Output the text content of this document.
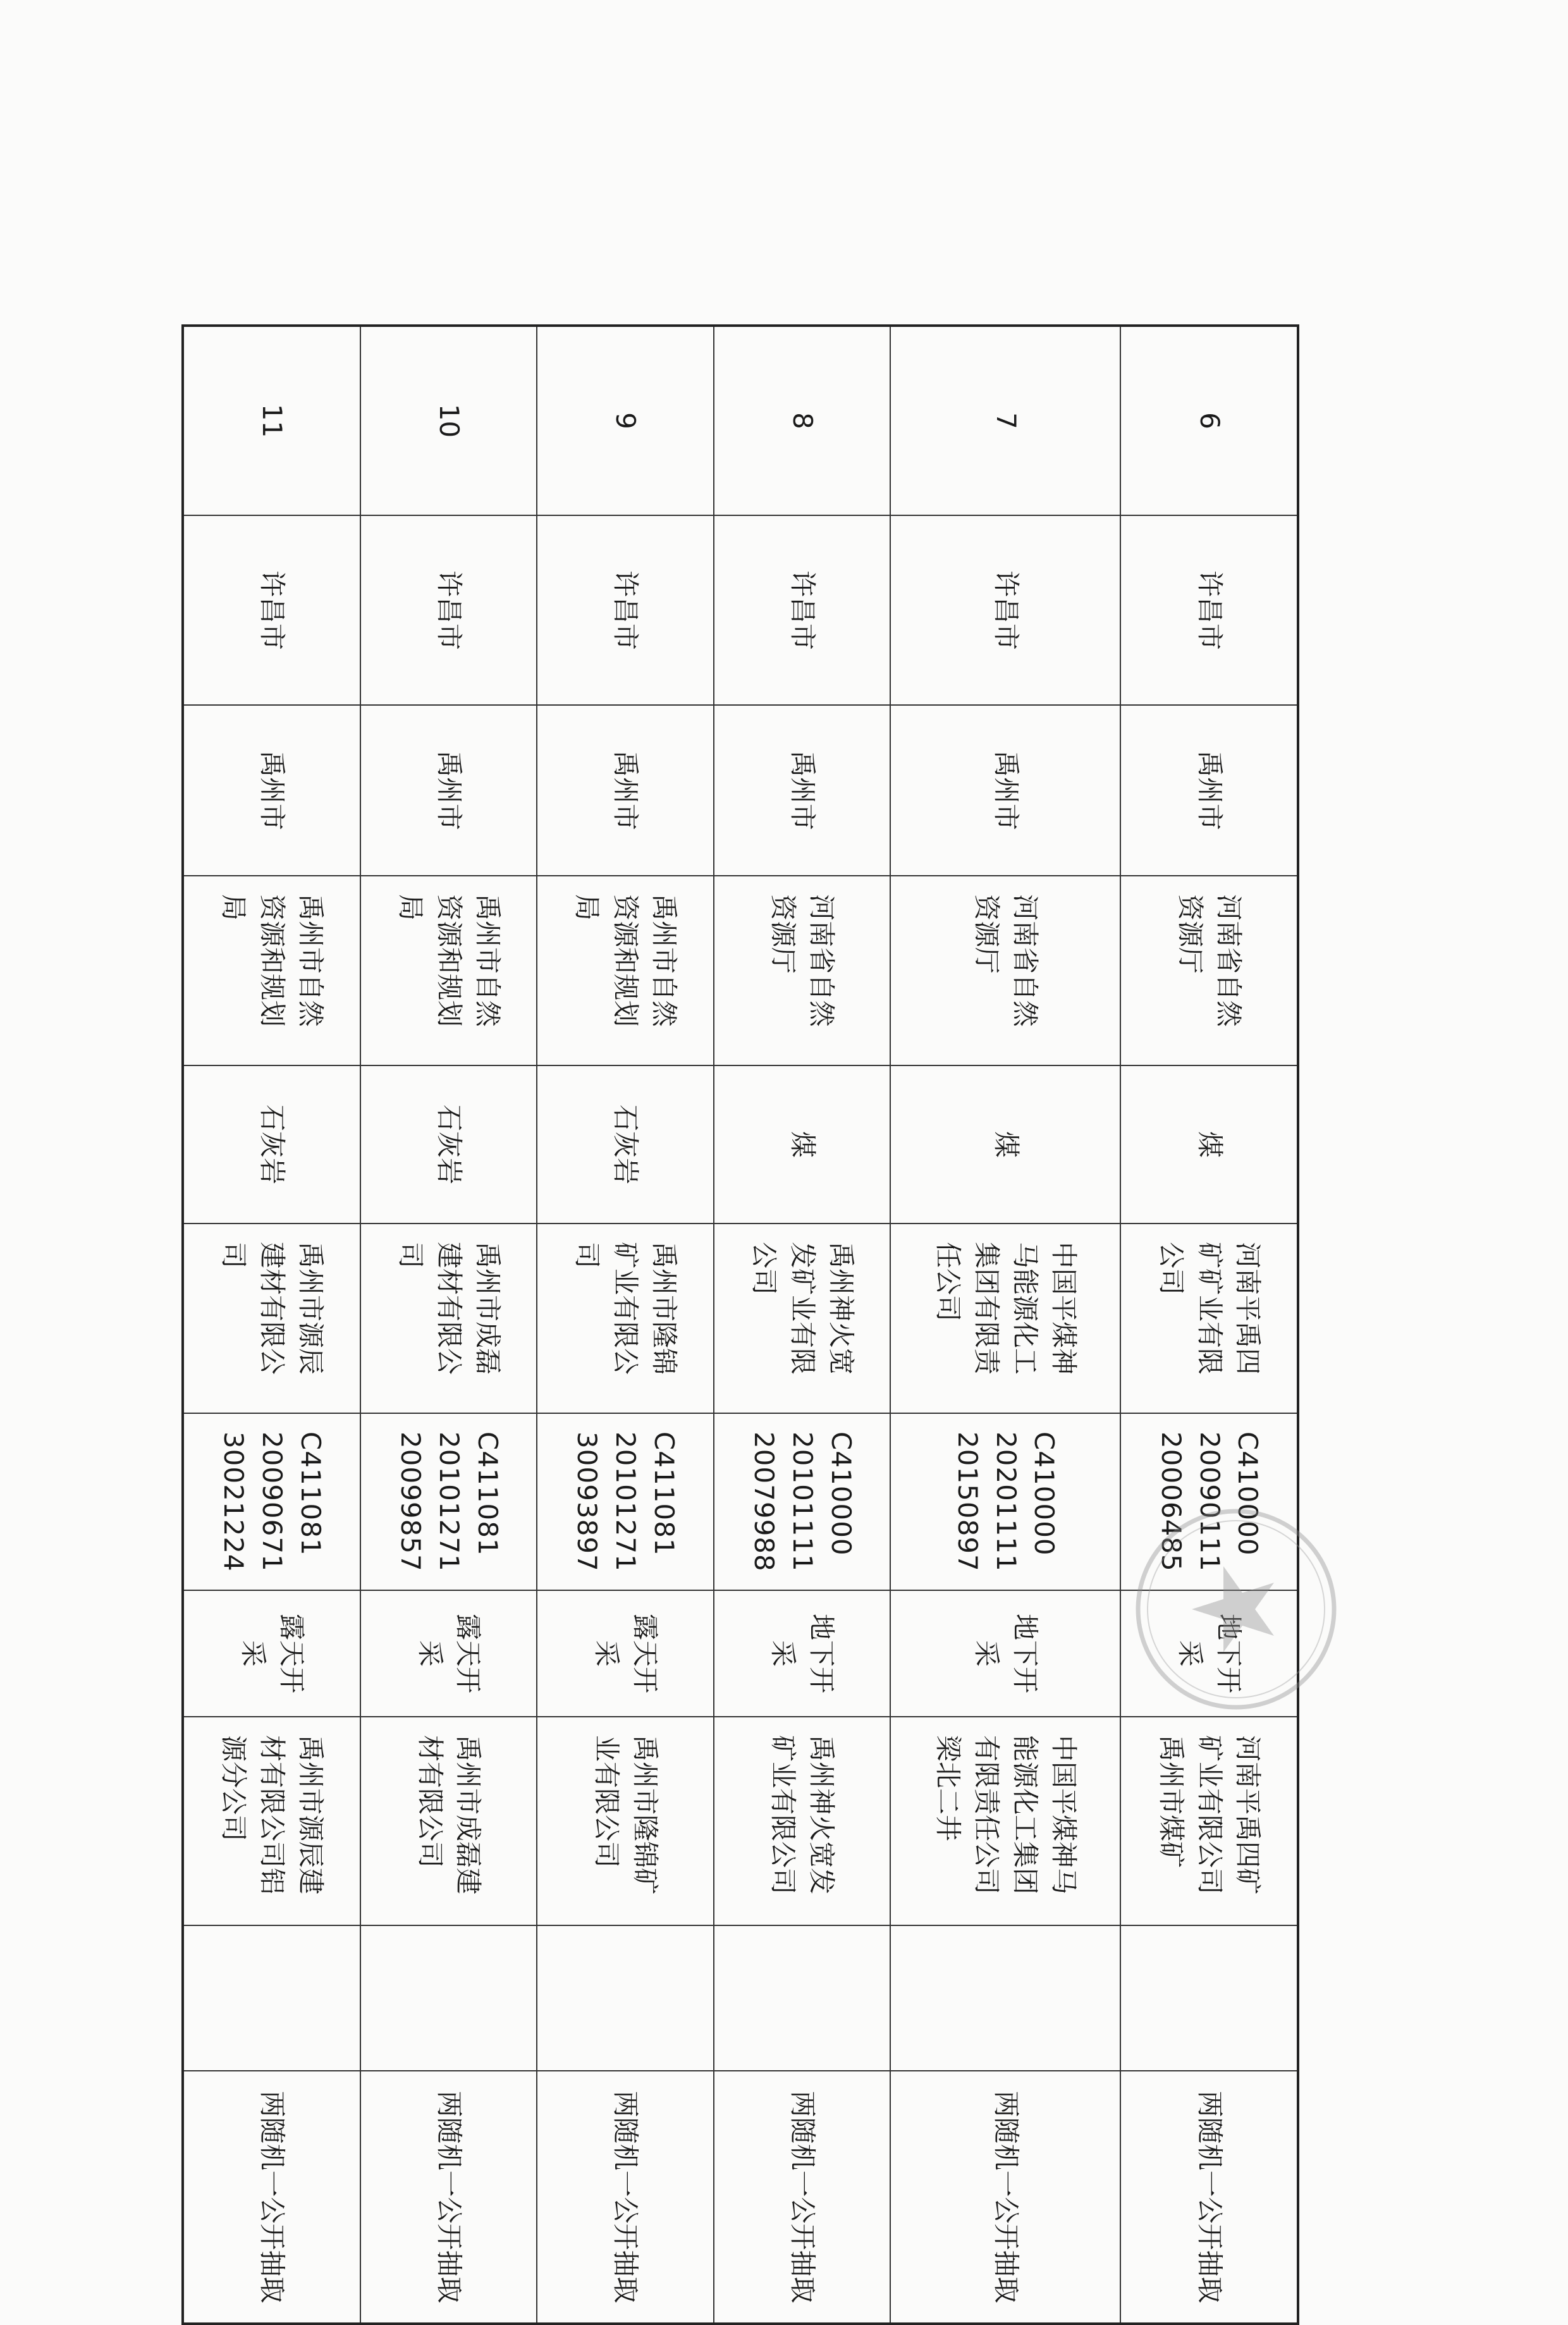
6	许昌市	禹州市	河南省自然资源厅	煤	河南平禹四矿矿业有限公司	C4100002009011120006485	地下开采	河南平禹四矿矿业有限公司禹州市煤矿		两随机一公开抽取
7	许昌市	禹州市	河南省自然资源厅	煤	中国平煤神马能源化工集团有限责任公司	C4100002020111120150897	地下开采	中国平煤神马能源化工集团有限责任公司梁北二井		两随机一公开抽取
8	许昌市	禹州市	河南省自然资源厅	煤	禹州神火宽发矿业有限公司	C4100002010111120079988	地下开采	禹州神火宽发矿业有限公司		两随机一公开抽取
9	许昌市	禹州市	禹州市自然资源和规划局	石灰岩	禹州市隆锦矿业有限公司	C4110812010127130093897	露天开采	禹州市隆锦矿业有限公司		两随机一公开抽取
10	许昌市	禹州市	禹州市自然资源和规划局	石灰岩	禹州市成磊建材有限公司	C4110812010127120099857	露天开采	禹州市成磊建材有限公司		两随机一公开抽取
11	许昌市	禹州市	禹州市自然资源和规划局	石灰岩	禹州市源辰建材有限公司	C4110812009067130021224	露天开采	禹州市源辰建材有限公司铝源分公司		两随机一公开抽取
